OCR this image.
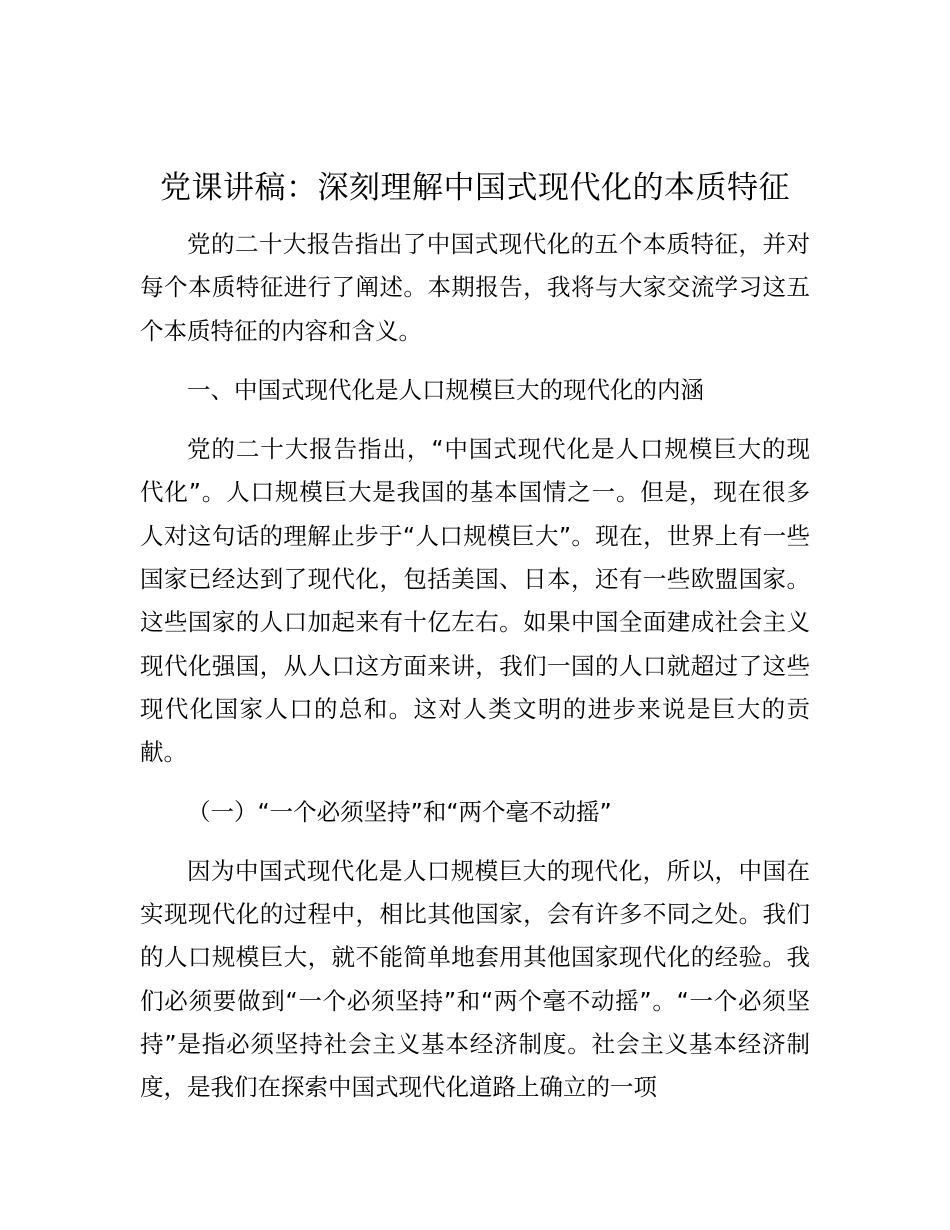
党课讲稿：深刻理解中国式现代化的本质特征

党的二十大报告指出了中国式现代化的五个本质特征，并对每个本质特征进行了阐述。本期报告，我将与大家交流学习这五个本质特征的内容和含义。

一、中国式现代化是人口规模巨大的现代化的内涵

党的二十大报告指出，“中国式现代化是人口规模巨大的现代化”。人口规模巨大是我国的基本国情之一。但是，现在很多人对这句话的理解止步于“人口规模巨大”。现在，世界上有一些国家已经达到了现代化，包括美国、日本，还有一些欧盟国家。这些国家的人口加起来有十亿左右。如果中国全面建成社会主义现代化强国，从人口这方面来讲，我们一国的人口就超过了这些现代化国家人口的总和。这对人类文明的进步来说是巨大的贡献。

（一）“一个必须坚持”和“两个毫不动摇”

因为中国式现代化是人口规模巨大的现代化，所以，中国在实现现代化的过程中，相比其他国家，会有许多不同之处。我们的人口规模巨大，就不能简单地套用其他国家现代化的经验。我们必须要做到“一个必须坚持”和“两个毫不动摇”。“一个必须坚持”是指必须坚持社会主义基本经济制度。社会主义基本经济制度，是我们在探索中国式现代化道路上确立的一项
